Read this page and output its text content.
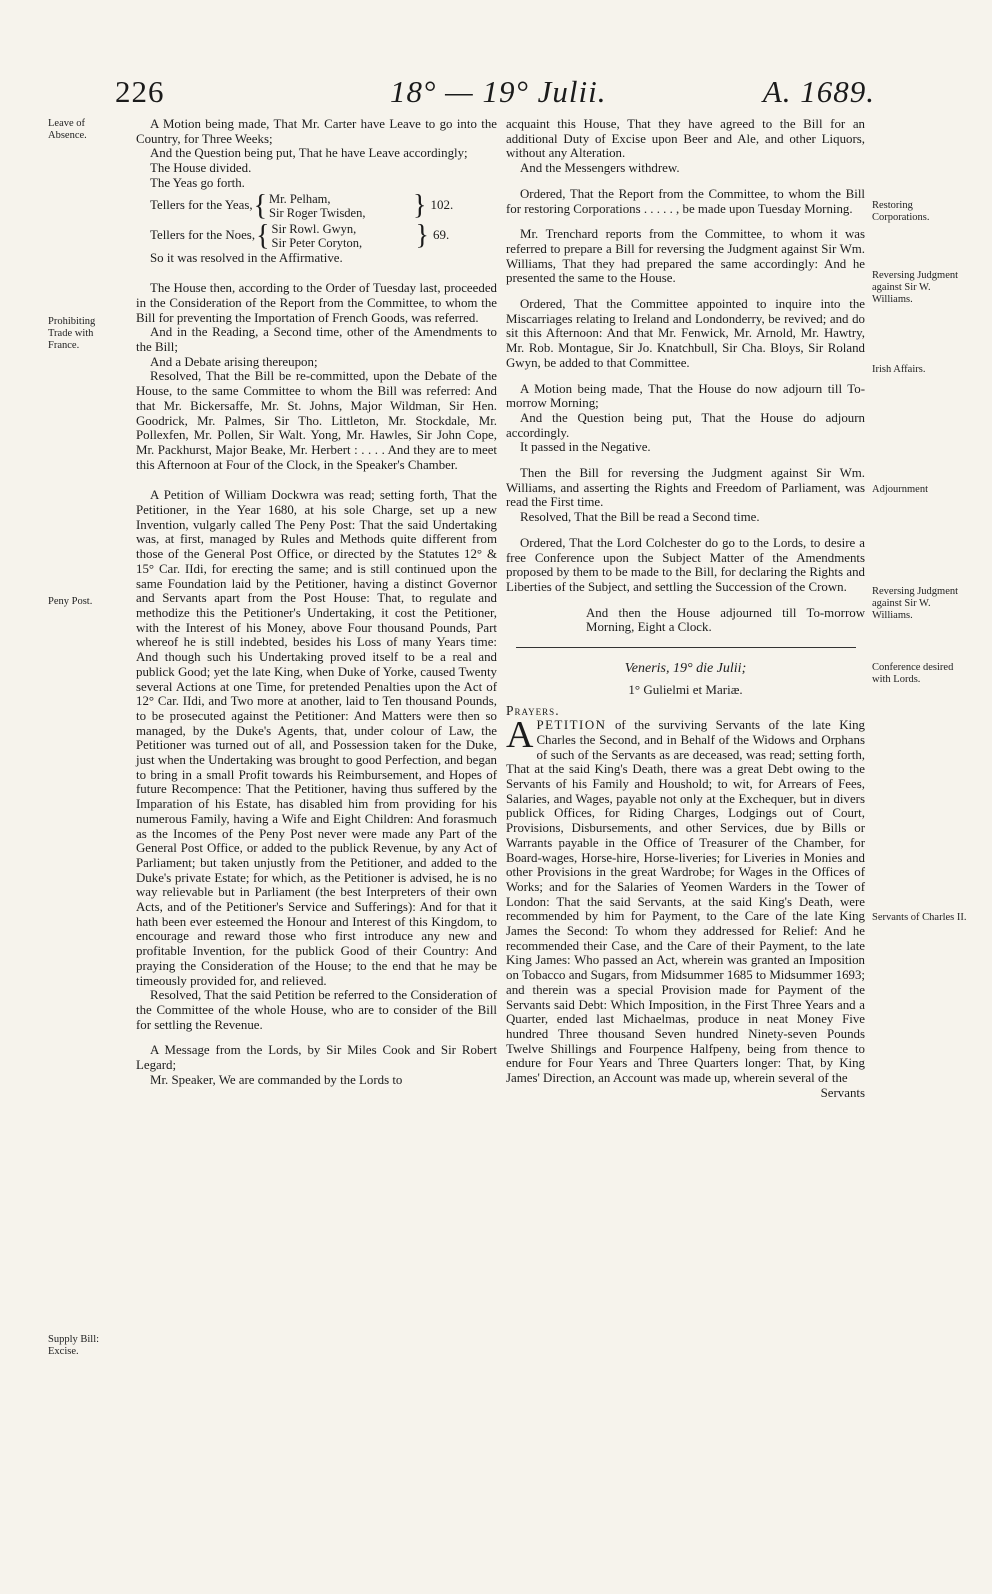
226	18° — 19° Julii.	A. 1689.
Leave of Absence.
Prohibiting Trade with France.
Peny Post.
Supply Bill: Excise.
Restoring Corporations.
Reversing Judgment against Sir W. Williams.
Irish Affairs.
Adjournment
Reversing Judgment against Sir W. Williams.
Conference desired with Lords.
Servants of Charles II.

A Motion being made, That Mr. Carter have Leave to go into the Country, for Three Weeks;

And the Question being put, That he have Leave accordingly;

The House divided.

The Yeas go forth.

Tellers for the Yeas, { Mr. Pelham,
Sir Roger Twisden,	} 102.
Tellers for the Noes, { Sir Rowl. Gwyn,
Sir Peter Coryton,	} 69.

So it was resolved in the Affirmative.

The House then, according to the Order of Tuesday last, proceeded in the Consideration of the Report from the Committee, to whom the Bill for preventing the Importation of French Goods, was referred.

And in the Reading, a Second time, other of the Amendments to the Bill;

And a Debate arising thereupon;

Resolved, That the Bill be re-committed, upon the Debate of the House, to the same Committee to whom the Bill was referred: And that Mr. Bickersaffe, Mr. St. Johns, Major Wildman, Sir Hen. Goodrick, Mr. Palmes, Sir Tho. Littleton, Mr. Stockdale, Mr. Pollexfen, Mr. Pollen, Sir Walt. Yong, Mr. Hawles, Sir John Cope, Mr. Packhurst, Major Beake, Mr. Herbert : . . . . And they are to meet this Afternoon at Four of the Clock, in the Speaker's Chamber.

A Petition of William Dockwra was read; setting forth, That the Petitioner, in the Year 1680, at his sole Charge, set up a new Invention, vulgarly called The Peny Post: That the said Undertaking was, at first, managed by Rules and Methods quite different from those of the General Post Office, or directed by the Statutes 12° & 15° Car. IIdi, for erecting the same; and is still continued upon the same Foundation laid by the Petitioner, having a distinct Governor and Servants apart from the Post House: That, to regulate and methodize this the Petitioner's Undertaking, it cost the Petitioner, with the Interest of his Money, above Four thousand Pounds, Part whereof he is still indebted, besides his Loss of many Years time: And though such his Undertaking proved itself to be a real and publick Good; yet the late King, when Duke of Yorke, caused Twenty several Actions at one Time, for pretended Penalties upon the Act of 12° Car. IIdi, and Two more at another, laid to Ten thousand Pounds, to be prosecuted against the Petitioner: And Matters were then so managed, by the Duke's Agents, that, under colour of Law, the Petitioner was turned out of all, and Possession taken for the Duke, just when the Undertaking was brought to good Perfection, and began to bring in a small Profit towards his Reimbursement, and Hopes of future Recompence: That the Petitioner, having thus suffered by the Imparation of his Estate, has disabled him from providing for his numerous Family, having a Wife and Eight Children: And forasmuch as the Incomes of the Peny Post never were made any Part of the General Post Office, or added to the publick Revenue, by any Act of Parliament; but taken unjustly from the Petitioner, and added to the Duke's private Estate; for which, as the Petitioner is advised, he is no way relievable but in Parliament (the best Interpreters of their own Acts, and of the Petitioner's Service and Sufferings): And for that it hath been ever esteemed the Honour and Interest of this Kingdom, to encourage and reward those who first introduce any new and profitable Invention, for the publick Good of their Country: And praying the Consideration of the House; to the end that he may be timeously provided for, and relieved.

Resolved, That the said Petition be referred to the Consideration of the Committee of the whole House, who are to consider of the Bill for settling the Revenue.

A Message from the Lords, by Sir Miles Cook and Sir Robert Legard;

Mr. Speaker, We are commanded by the Lords to

acquaint this House, That they have agreed to the Bill for an additional Duty of Excise upon Beer and Ale, and other Liquors, without any Alteration.

And the Messengers withdrew.

Ordered, That the Report from the Committee, to whom the Bill for restoring Corporations . . . . . , be made upon Tuesday Morning.

Mr. Trenchard reports from the Committee, to whom it was referred to prepare a Bill for reversing the Judgment against Sir Wm. Williams, That they had prepared the same accordingly: And he presented the same to the House.

Ordered, That the Committee appointed to inquire into the Miscarriages relating to Ireland and Londonderry, be revived; and do sit this Afternoon: And that Mr. Fenwick, Mr. Arnold, Mr. Hawtry, Mr. Rob. Montague, Sir Jo. Knatchbull, Sir Cha. Bloys, Sir Roland Gwyn, be added to that Committee.

A Motion being made, That the House do now adjourn till To-morrow Morning;

And the Question being put, That the House do adjourn accordingly.

It passed in the Negative.

Then the Bill for reversing the Judgment against Sir Wm. Williams, and asserting the Rights and Freedom of Parliament, was read the First time.

Resolved, That the Bill be read a Second time.

Ordered, That the Lord Colchester do go to the Lords, to desire a free Conference upon the Subject Matter of the Amendments proposed by them to be made to the Bill, for declaring the Rights and Liberties of the Subject, and settling the Succession of the Crown.

And then the House adjourned till To-morrow Morning, Eight a Clock.

Veneris, 19° die Julii;

1° Gulielmi et Mariæ.

Prayers.

APETITION of the surviving Servants of the late King Charles the Second, and in Behalf of the Widows and Orphans of such of the Servants as are deceased, was read; setting forth, That at the said King's Death, there was a great Debt owing to the Servants of his Family and Houshold; to wit, for Arrears of Fees, Salaries, and Wages, payable not only at the Exchequer, but in divers publick Offices, for Riding Charges, Lodgings out of Court, Provisions, Disbursements, and other Services, due by Bills or Warrants payable in the Office of Treasurer of the Chamber, for Board-wages, Horse-hire, Horse-liveries; for Liveries in Monies and other Provisions in the great Wardrobe; for Wages in the Offices of Works; and for the Salaries of Yeomen Warders in the Tower of London: That the said Servants, at the said King's Death, were recommended by him for Payment, to the Care of the late King James the Second: To whom they addressed for Relief: And he recommended their Case, and the Care of their Payment, to the late King James: Who passed an Act, wherein was granted an Imposition on Tobacco and Sugars, from Midsummer 1685 to Midsummer 1693; and therein was a special Provision made for Payment of the Servants said Debt: Which Imposition, in the First Three Years and a Quarter, ended last Michaelmas, produce in neat Money Five hundred Three thousand Seven hundred Ninety-seven Pounds Twelve Shillings and Fourpence Halfpeny, being from thence to endure for Four Years and Three Quarters longer: That, by King James' Direction, an Account was made up, wherein several of the

Servants
